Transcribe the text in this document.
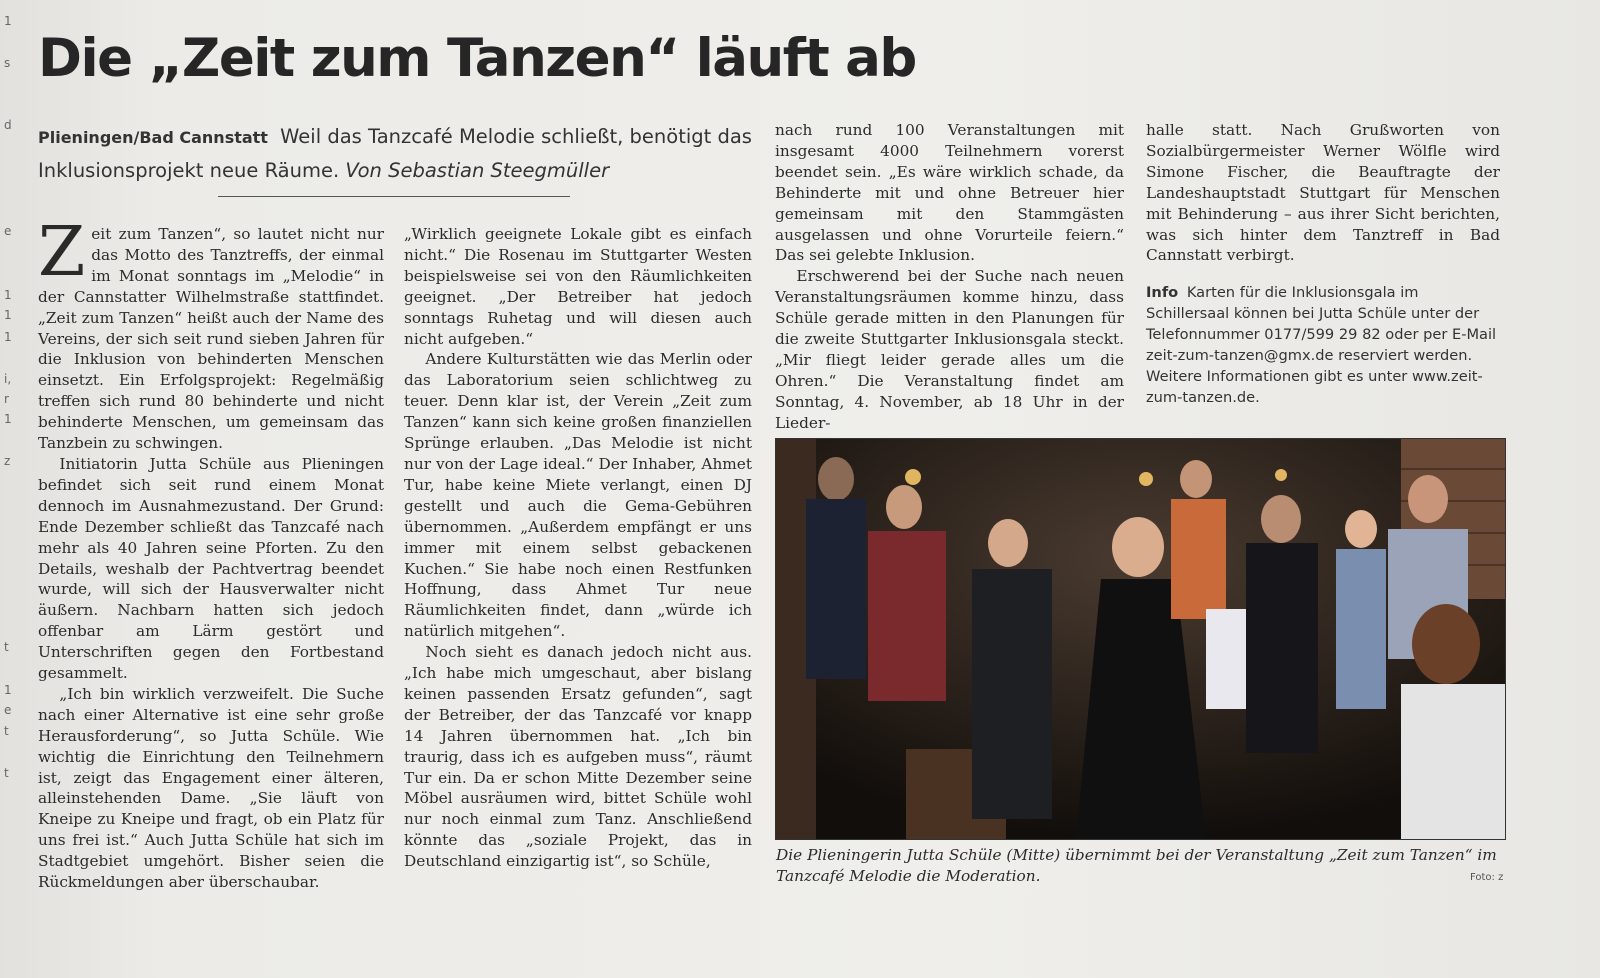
1
s
d
e
1
1
1
i,
r
1
z
t
1
e
t
t
Die „Zeit zum Tanzen“ läuft ab
Plieningen/Bad Cannstatt Weil das Tanzcafé Melodie schließt, benötigt das Inklusionsprojekt neue Räume. Von Sebastian Steegmüller

Zeit zum Tanzen“, so lautet nicht nur das Motto des Tanztreffs, der einmal im Monat sonntags im „Melodie“ in der Cannstatter Wilhelmstraße stattfindet. „Zeit zum Tanzen“ heißt auch der Name des Vereins, der sich seit rund sieben Jahren für die Inklusion von behinderten Menschen einsetzt. Ein Erfolgsprojekt: Regelmäßig treffen sich rund 80 behinderte und nicht behinderte Menschen, um gemeinsam das Tanzbein zu schwingen.

Initiatorin Jutta Schüle aus Plieningen befindet sich seit rund einem Monat dennoch im Ausnahmezustand. Der Grund: Ende Dezember schließt das Tanzcafé nach mehr als 40 Jahren seine Pforten. Zu den Details, weshalb der Pachtvertrag beendet wurde, will sich der Hausverwalter nicht äußern. Nachbarn hatten sich jedoch offenbar am Lärm gestört und Unterschriften gegen den Fortbestand gesammelt.

„Ich bin wirklich verzweifelt. Die Suche nach einer Alternative ist eine sehr große Herausforderung“, so Jutta Schüle. Wie wichtig die Einrichtung den Teilnehmern ist, zeigt das Engagement einer älteren, alleinstehenden Dame. „Sie läuft von Kneipe zu Kneipe und fragt, ob ein Platz für uns frei ist.“ Auch Jutta Schüle hat sich im Stadtgebiet umgehört. Bisher seien die Rückmeldungen aber überschaubar.

„Wirklich geeignete Lokale gibt es einfach nicht.“ Die Rosenau im Stuttgarter Westen beispielsweise sei von den Räumlichkeiten geeignet. „Der Betreiber hat jedoch sonntags Ruhetag und will diesen auch nicht aufgeben.“

Andere Kulturstätten wie das Merlin oder das Laboratorium seien schlichtweg zu teuer. Denn klar ist, der Verein „Zeit zum Tanzen“ kann sich keine großen finanziellen Sprünge erlauben. „Das Melodie ist nicht nur von der Lage ideal.“ Der Inhaber, Ahmet Tur, habe keine Miete verlangt, einen DJ gestellt und auch die Gema-Gebühren übernommen. „Außerdem empfängt er uns immer mit einem selbst gebackenen Kuchen.“ Sie habe noch einen Restfunken Hoffnung, dass Ahmet Tur neue Räumlichkeiten findet, dann „würde ich natürlich mitgehen“.

Noch sieht es danach jedoch nicht aus. „Ich habe mich umgeschaut, aber bislang keinen passenden Ersatz gefunden“, sagt der Betreiber, der das Tanzcafé vor knapp 14 Jahren übernommen hat. „Ich bin traurig, dass ich es aufgeben muss“, räumt Tur ein. Da er schon Mitte Dezember seine Möbel ausräumen wird, bittet Schüle wohl nur noch einmal zum Tanz. Anschließend könnte das „soziale Projekt, das in Deutschland einzigartig ist“, so Schüle,

nach rund 100 Veranstaltungen mit insgesamt 4000 Teilnehmern vorerst beendet sein. „Es wäre wirklich schade, da Behinderte mit und ohne Betreuer hier gemeinsam mit den Stammgästen ausgelassen und ohne Vorurteile feiern.“ Das sei gelebte Inklusion.

Erschwerend bei der Suche nach neuen Veranstaltungsräumen komme hinzu, dass Schüle gerade mitten in den Planungen für die zweite Stuttgarter Inklusionsgala steckt. „Mir fliegt leider gerade alles um die Ohren.“ Die Veranstaltung findet am Sonntag, 4. November, ab 18 Uhr in der Lieder-

halle statt. Nach Grußworten von Sozialbürgermeister Werner Wölfle wird Simone Fischer, die Beauftragte der Landeshauptstadt Stuttgart für Menschen mit Behinderung – aus ihrer Sicht berichten, was sich hinter dem Tanztreff in Bad Cannstatt verbirgt.

Info Karten für die Inklusionsgala im Schillersaal können bei Jutta Schüle unter der Telefonnummer 0177/599 29 82 oder per E-Mail zeit-zum-tanzen@gmx.de reserviert werden. Weitere Informationen gibt es unter www.zeit-zum-tanzen.de.
Die Plieningerin Jutta Schüle (Mitte) übernimmt bei der Veranstaltung „Zeit zum Tanzen“ im Tanzcafé Melodie die Moderation.	Foto: z
